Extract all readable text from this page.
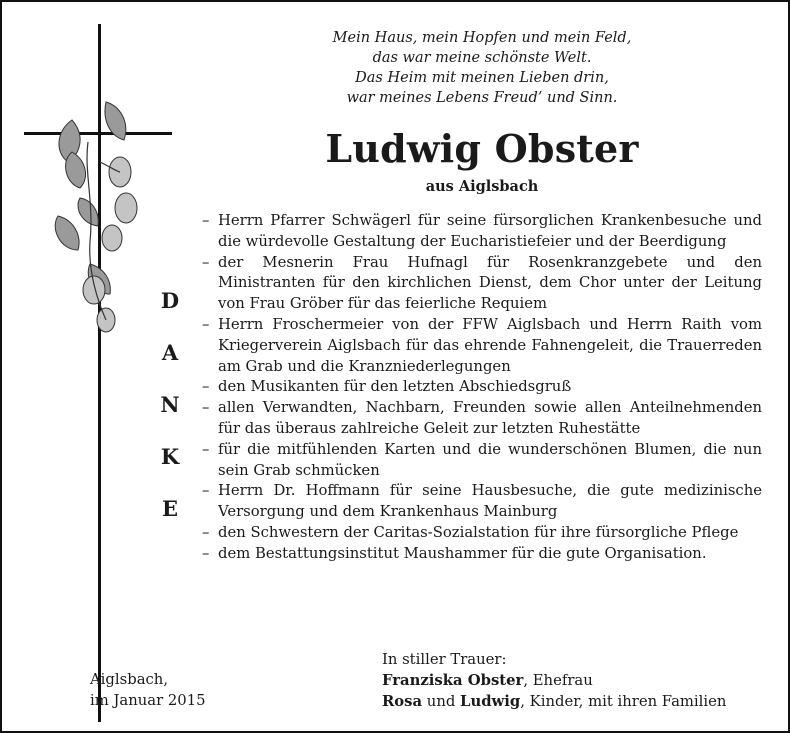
Mein Haus, mein Hopfen und mein Feld,
das war meine schönste Welt.
Das Heim mit meinen Lieben drin,
war meines Lebens Freud’ und Sinn.
Ludwig Obster
aus Aiglsbach
D
A
N
K
E
– Herrn Pfarrer Schwägerl für seine fürsorglichen Krankenbesuche und die würdevolle Gestaltung der Eucharistiefeier und der Beerdigung
– der Mesnerin Frau Hufnagl für Rosenkranzgebete und den Ministranten für den kirchlichen Dienst, dem Chor unter der Leitung von Frau Gröber für das feierliche Requiem
– Herrn Froschermeier von der FFW Aiglsbach und Herrn Raith vom Kriegerverein Aiglsbach für das ehrende Fahnengeleit, die Trauerreden am Grab und die Kranzniederlegungen
– den Musikanten für den letzten Abschiedsgruß
– allen Verwandten, Nachbarn, Freunden sowie allen Anteilnehmenden für das überaus zahlreiche Geleit zur letzten Ruhestätte
– für die mitfühlenden Karten und die wunderschönen Blumen, die nun sein Grab schmücken
– Herrn Dr. Hoffmann für seine Hausbesuche, die gute medizinische Versorgung und dem Krankenhaus Mainburg
– den Schwestern der Caritas-Sozialstation für ihre fürsorgliche Pflege
– dem Bestattungsinstitut Maushammer für die gute Organisation.
In stiller Trauer:
Franziska Obster, Ehefrau
Rosa und Ludwig, Kinder, mit ihren Familien
Aiglsbach,
im Januar 2015
